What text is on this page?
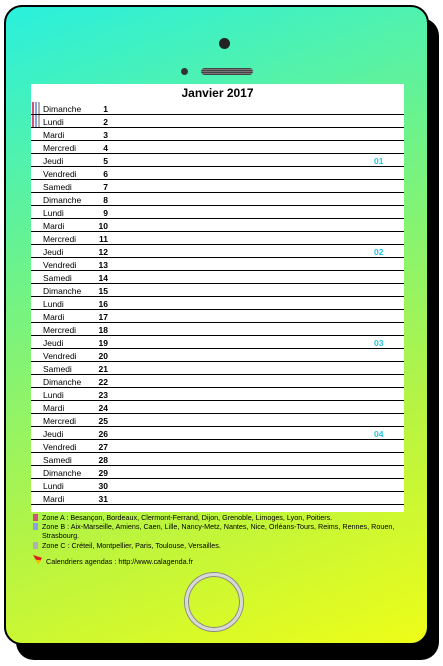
Janvier 2017
Dimanche	1
Lundi	2
Mardi	3
Mercredi	4
Jeudi	5	01
Vendredi	6
Samedi	7
Dimanche	8
Lundi	9
Mardi	10
Mercredi	11
Jeudi	12	02
Vendredi	13
Samedi	14
Dimanche	15
Lundi	16
Mardi	17
Mercredi	18
Jeudi	19	03
Vendredi	20
Samedi	21
Dimanche	22
Lundi	23
Mardi	24
Mercredi	25
Jeudi	26	04
Vendredi	27
Samedi	28
Dimanche	29
Lundi	30
Mardi	31
Zone A : Besançon, Bordeaux, Clermont-Ferrand, Dijon, Grenoble, Limoges, Lyon, Poitiers.
Zone B : Aix-Marseille, Amiens, Caen, Lille, Nancy-Metz, Nantes, Nice, Orléans-Tours, Reims, Rennes, Rouen, Strasbourg.
Zone C : Créteil, Montpellier, Paris, Toulouse, Versailles.
Calendriers agendas : http://www.calagenda.fr
